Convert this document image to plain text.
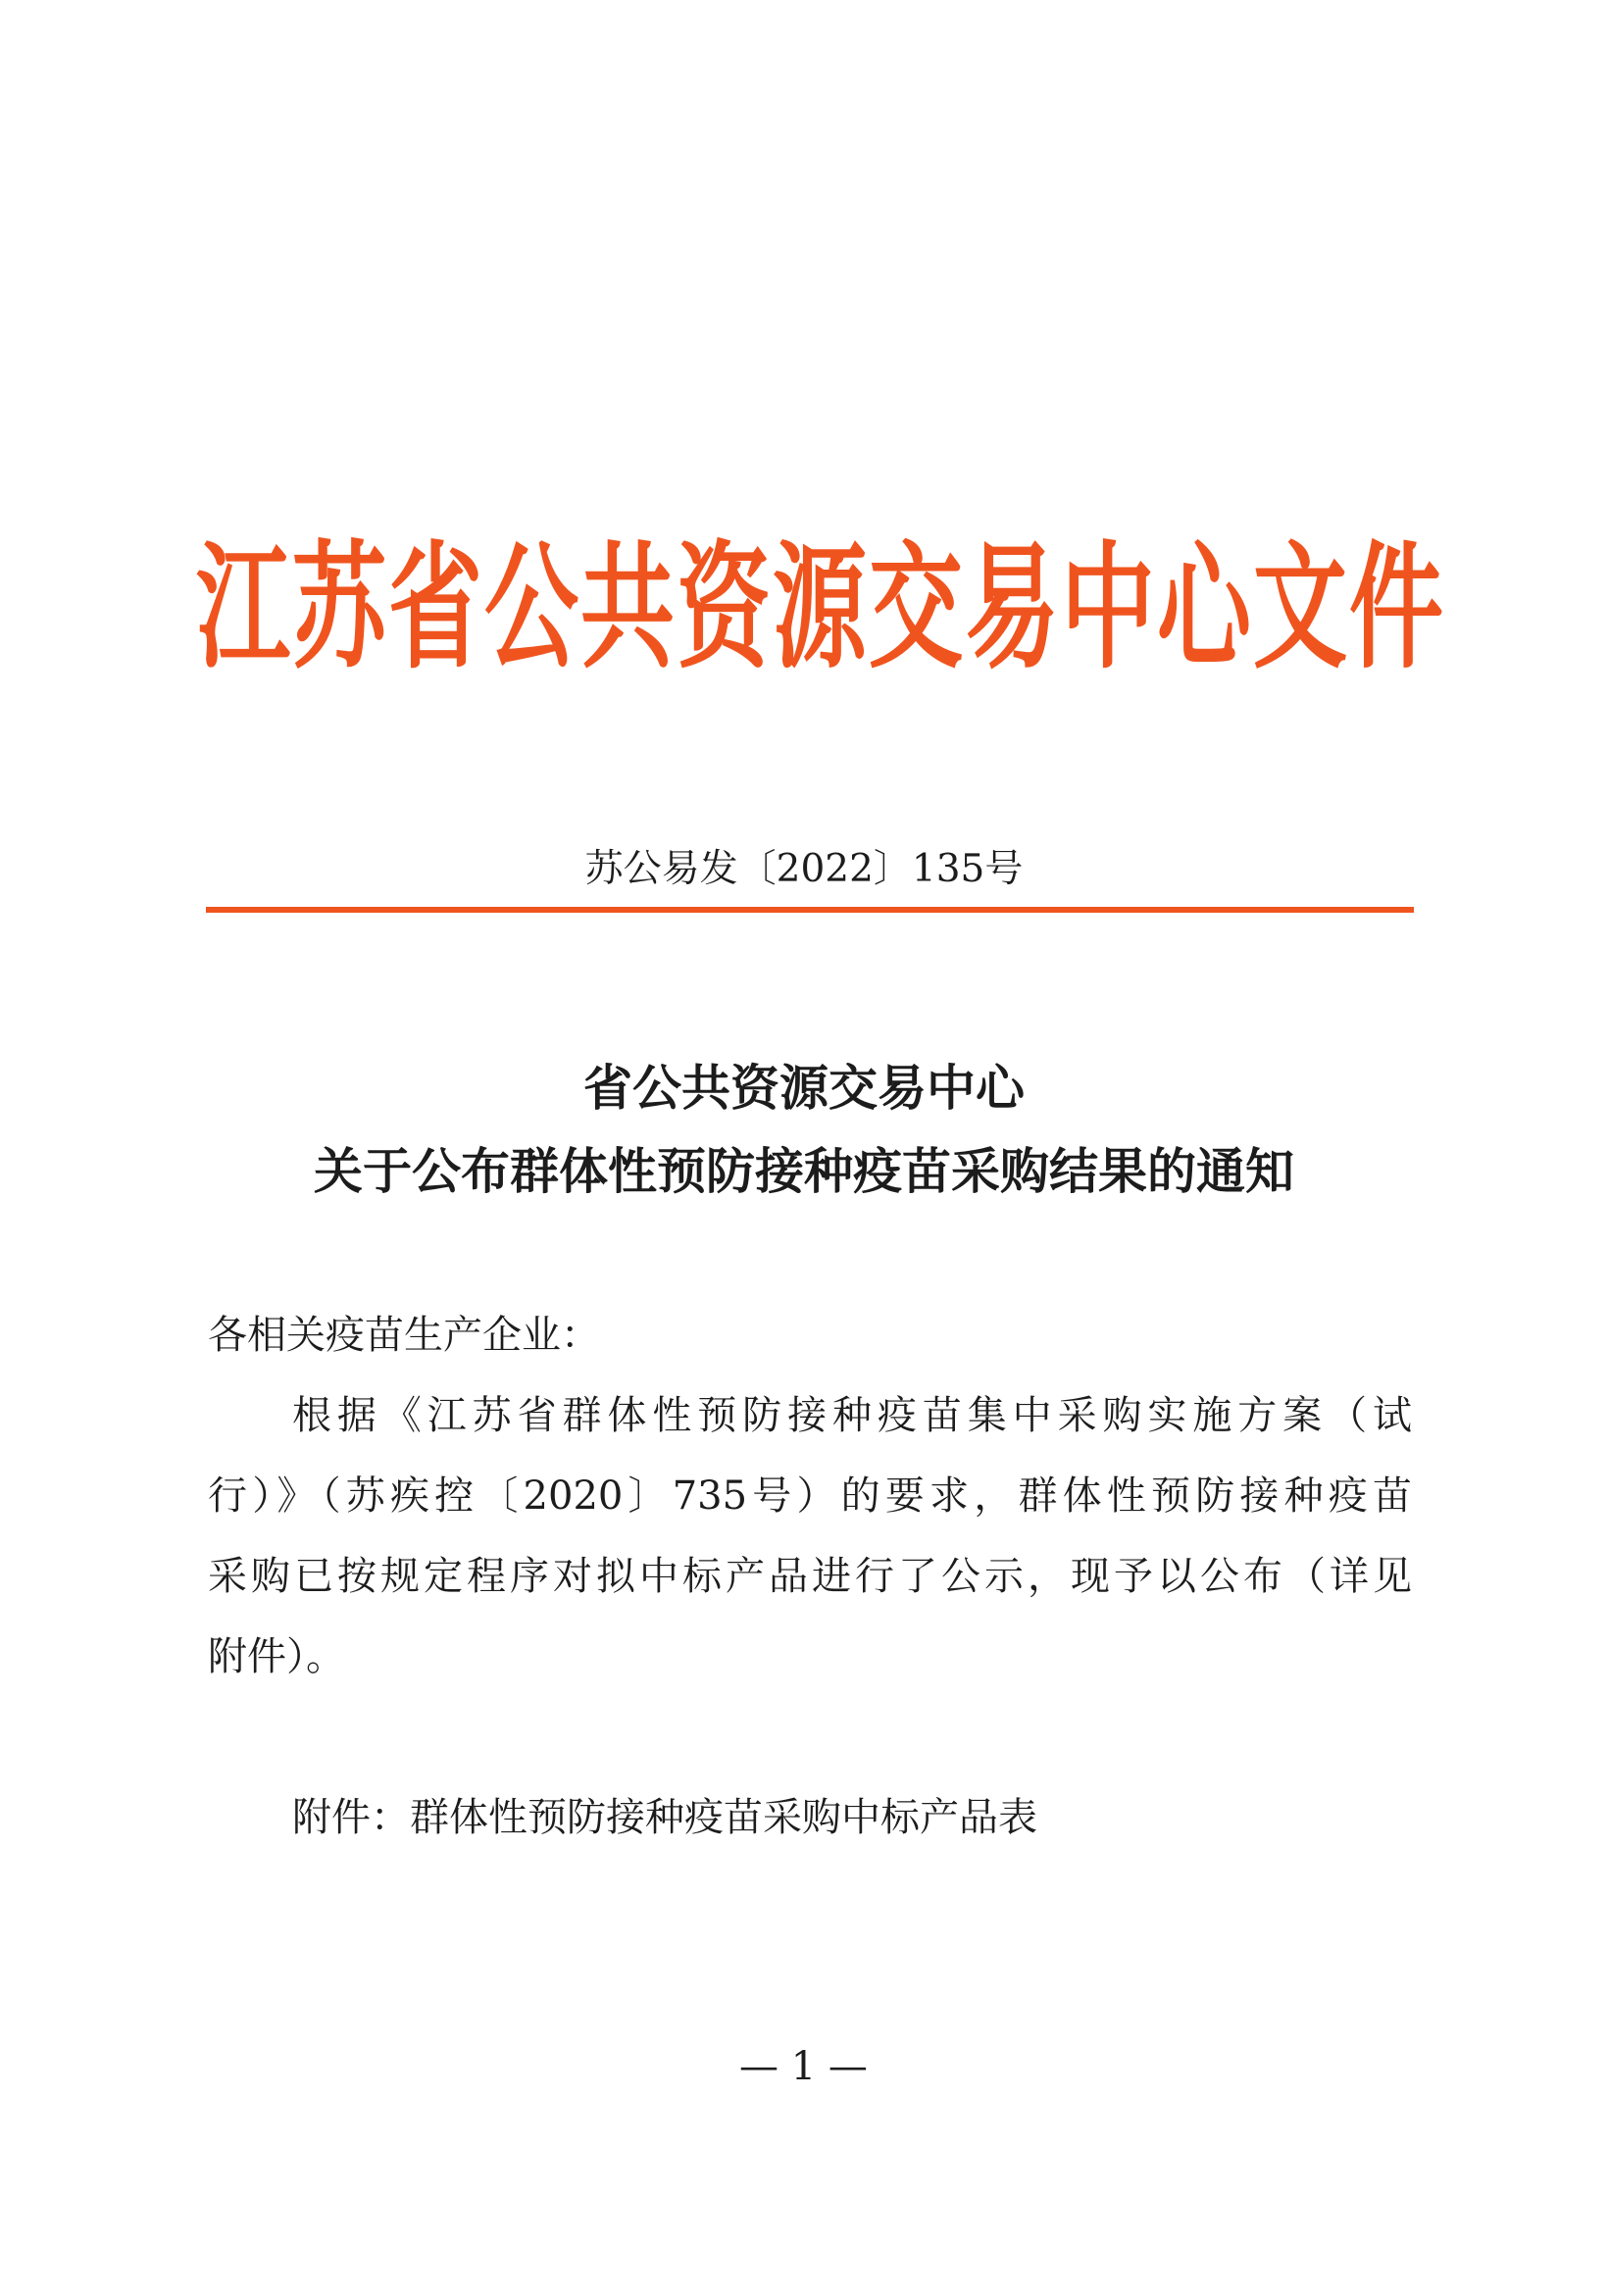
江苏省公共资源交易中心文件
苏公易发〔2022〕135号
省公共资源交易中心
关于公布群体性预防接种疫苗采购结果的通知
各相关疫苗生产企业：
根据《江苏省群体性预防接种疫苗集中采购实施方案（试
行）》（苏疾控〔2020〕735号）的要求，群体性预防接种疫苗
采购已按规定程序对拟中标产品进行了公示，现予以公布（详见
附件）。
附件：群体性预防接种疫苗采购中标产品表
— 1 —
